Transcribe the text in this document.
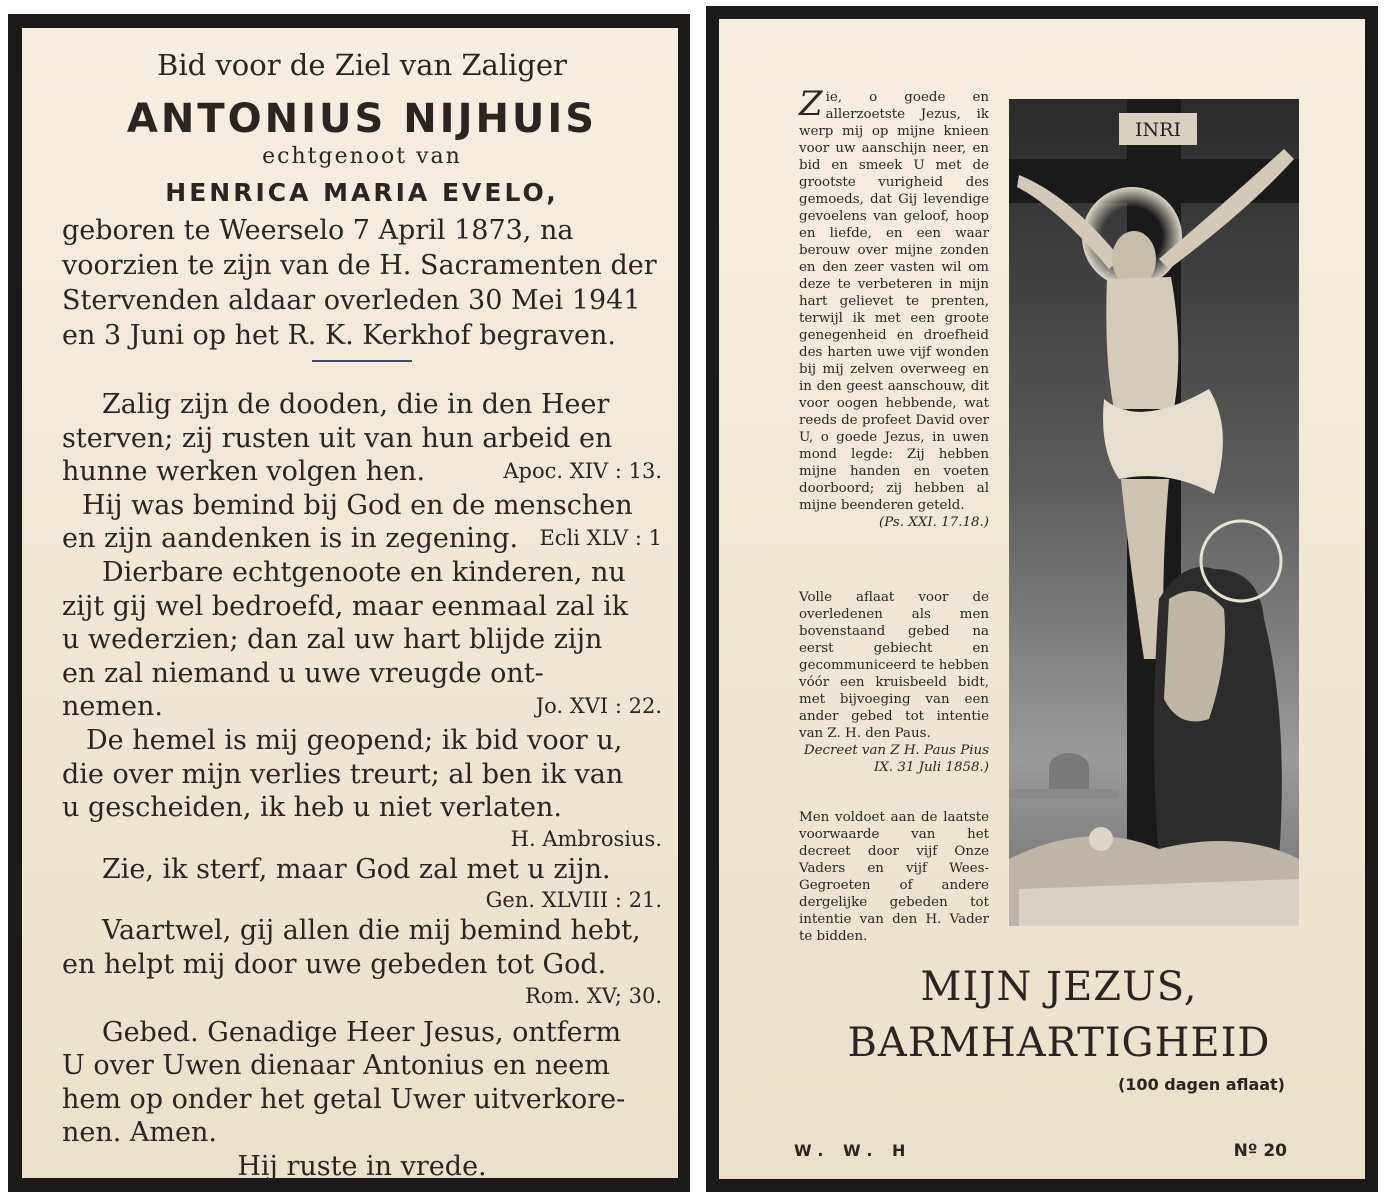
Bid voor de Ziel van Zaliger
ANTONIUS NIJHUIS
echtgenoot van
HENRICA MARIA EVELO,
geboren te Weerselo 7 April 1873, na
voorzien te zijn van de H. Sacramenten der
Stervenden aldaar overleden 30 Mei 1941
en 3 Juni op het R. K. Kerkhof begraven.
Zalig zijn de dooden, die in den Heer
sterven; zij rusten uit van hun arbeid en
hunne werken volgen hen.	Apoc. XIV : 13.
Hij was bemind bij God en de menschen
en zijn aandenken is in zegening. Ecli XLV : 1
Dierbare echtgenoote en kinderen, nu
zijt gij wel bedroefd, maar eenmaal zal ik
u wederzien; dan zal uw hart blijde zijn
en zal niemand u uwe vreugde ont-
nemen.	Jo. XVI : 22.
De hemel is mij geopend; ik bid voor u,
die over mijn verlies treurt; al ben ik van
u gescheiden, ik heb u niet verlaten.
H. Ambrosius.
Zie, ik sterf, maar God zal met u zijn.
Gen. XLVIII : 21.
Vaartwel, gij allen die mij bemind hebt,
en helpt mij door uwe gebeden tot God.
Rom. XV; 30.
Gebed. Genadige Heer Jesus, ontferm
U over Uwen dienaar Antonius en neem
hem op onder het getal Uwer uitverkore-
nen. Amen.
Hij ruste in vrede.
Zie, o goede en allerzoetste Jezus, ik werp mij op mijne knieen voor uw aanschijn neer, en bid en smeek U met de grootste vurigheid des gemoeds, dat Gij levendige gevoelens van geloof, hoop en liefde, en een waar berouw over mijne zonden en den zeer vasten wil om deze te verbeteren in mijn hart gelievet te prenten, terwijl ik met een groote genegenheid en droefheid des harten uwe vijf wonden bij mij zelven overweeg en in den geest aanschouw, dit voor oogen hebbende, wat reeds de profeet David over U, o goede Jezus, in uwen mond legde: Zij hebben mijne handen en voeten doorboord; zij hebben al mijne beenderen geteld.
(Ps. XXI. 17.18.)
Volle aflaat voor de overledenen als men bovenstaand gebed na eerst gebiecht en gecommuniceerd te hebben vóór een kruisbeeld bidt, met bijvoeging van een ander gebed tot intentie van Z. H. den Paus.
Decreet van Z H. Paus Pius IX. 31 Juli 1858.)
Men voldoet aan de laatste voorwaarde van het decreet door vijf Onze Vaders en vijf Wees-Gegroeten of andere dergelijke gebeden tot intentie van den H. Vader te bidden.
INRI
MIJN JEZUS,
BARMHARTIGHEID
(100 dagen aflaat)
W. W. H	Nº 20
